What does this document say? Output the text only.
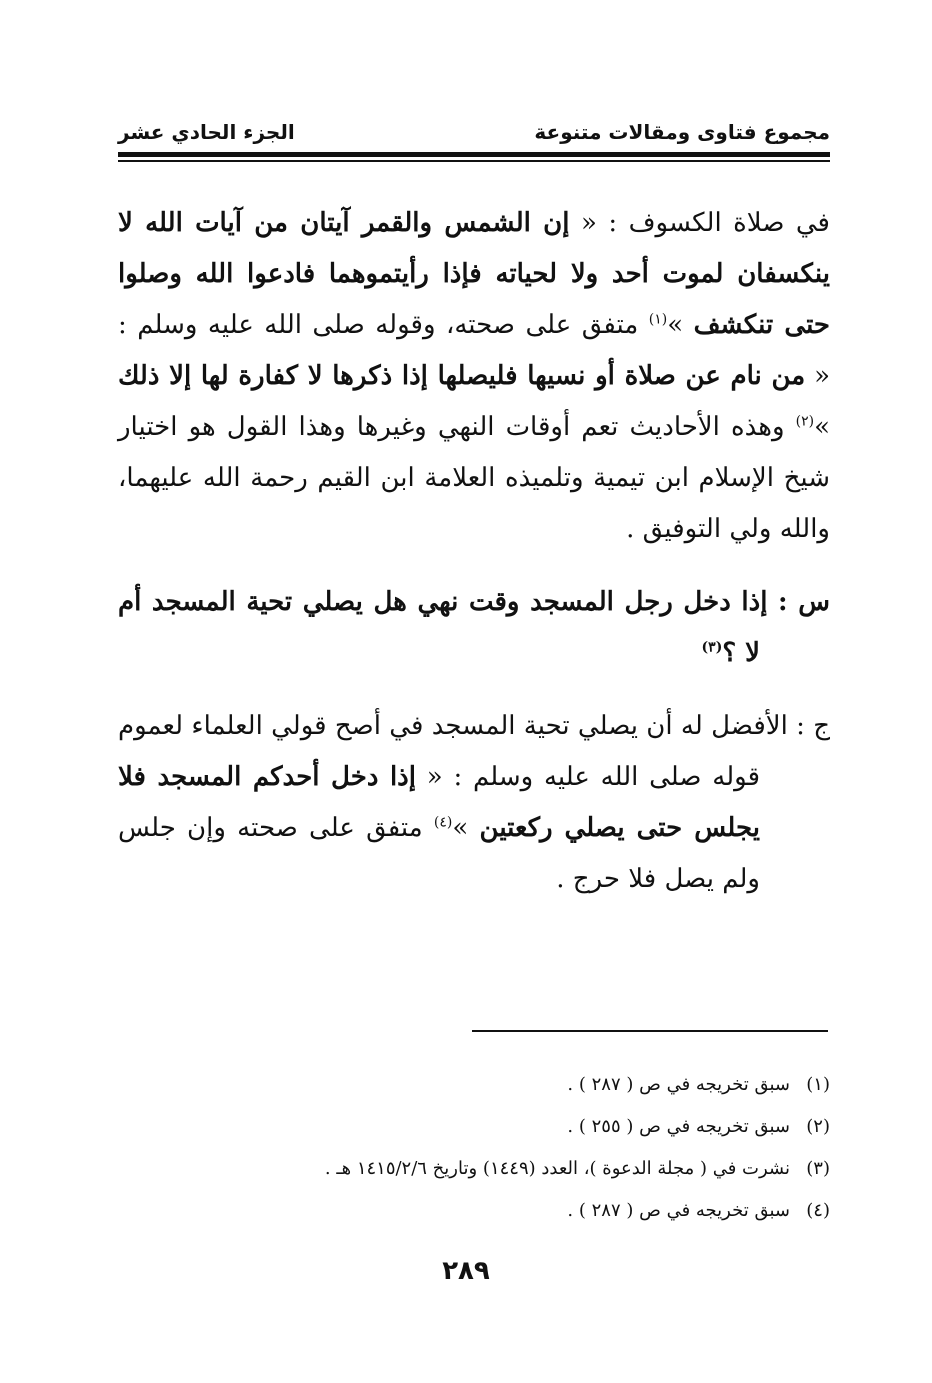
مجموع فتاوى ومقالات متنوعة
الجزء الحادي عشر

في صلاة الكسوف : « إن الشمس والقمر آيتان من آيات الله لا ينكسفان لموت أحد ولا لحياته فإذا رأيتموهما فادعوا الله وصلوا حتى تنكشف »$^{(١)}$ متفق على صحته، وقوله صلى الله عليه وسلم : « من نام عن صلاة أو نسيها فليصلها إذا ذكرها لا كفارة لها إلا ذلك »$^{(٢)}$ وهذه الأحاديث تعم أوقات النهي وغيرها وهذا القول هو اختيار شيخ الإسلام ابن تيمية وتلميذه العلامة ابن القيم رحمة الله عليهما، والله ولي التوفيق .

س : إذا دخل رجل المسجد وقت نهي هل يصلي تحية المسجد أم لا ؟$^{(٣)}$

ج : الأفضل له أن يصلي تحية المسجد في أصح قولي العلماء لعموم قوله صلى الله عليه وسلم : « إذا دخل أحدكم المسجد فلا يجلس حتى يصلي ركعتين »$^{(٤)}$ متفق على صحته وإن جلس ولم يصل فلا حرج .

(١)سبق تخريجه في ص ( ٢٨٧ ) .
(٢)سبق تخريجه في ص ( ٢٥٥ ) .
(٣)نشرت في ( مجلة الدعوة )، العدد (١٤٤٩) وتاريخ ١٤١٥/٢/٦ هـ .
(٤)سبق تخريجه في ص ( ٢٨٧ ) .
٢٨٩
